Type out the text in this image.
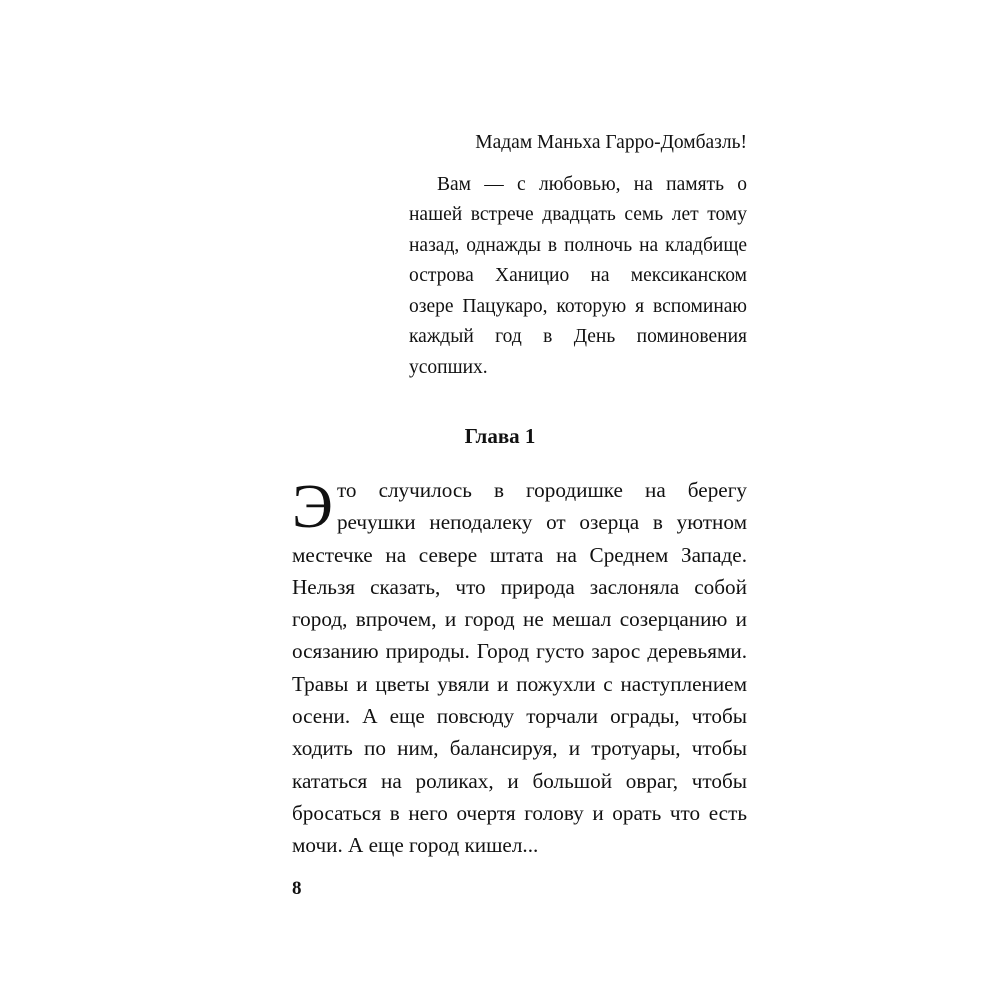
Мадам Маньха Гарро-Домбазль!

Вам — с любовью, на память о нашей встрече двадцать семь лет тому назад, однажды в полночь на кладбище острова Ханицио на мексиканском озере Пацукаро, которую я вспоминаю каждый год в День поминовения усопших.

Глава 1

Это случилось в городишке на берегу речушки неподалеку от озерца в уютном местечке на севере штата на Среднем Западе. Нельзя сказать, что природа заслоняла собой город, впрочем, и город не мешал созерцанию и осязанию природы. Город густо зарос деревьями. Травы и цветы увяли и пожухли с наступлением осени. А еще повсюду торчали ограды, чтобы ходить по ним, балансируя, и тротуары, чтобы кататься на роликах, и большой овраг, чтобы бросаться в него очертя голову и орать что есть мочи. А еще город кишел...

8
